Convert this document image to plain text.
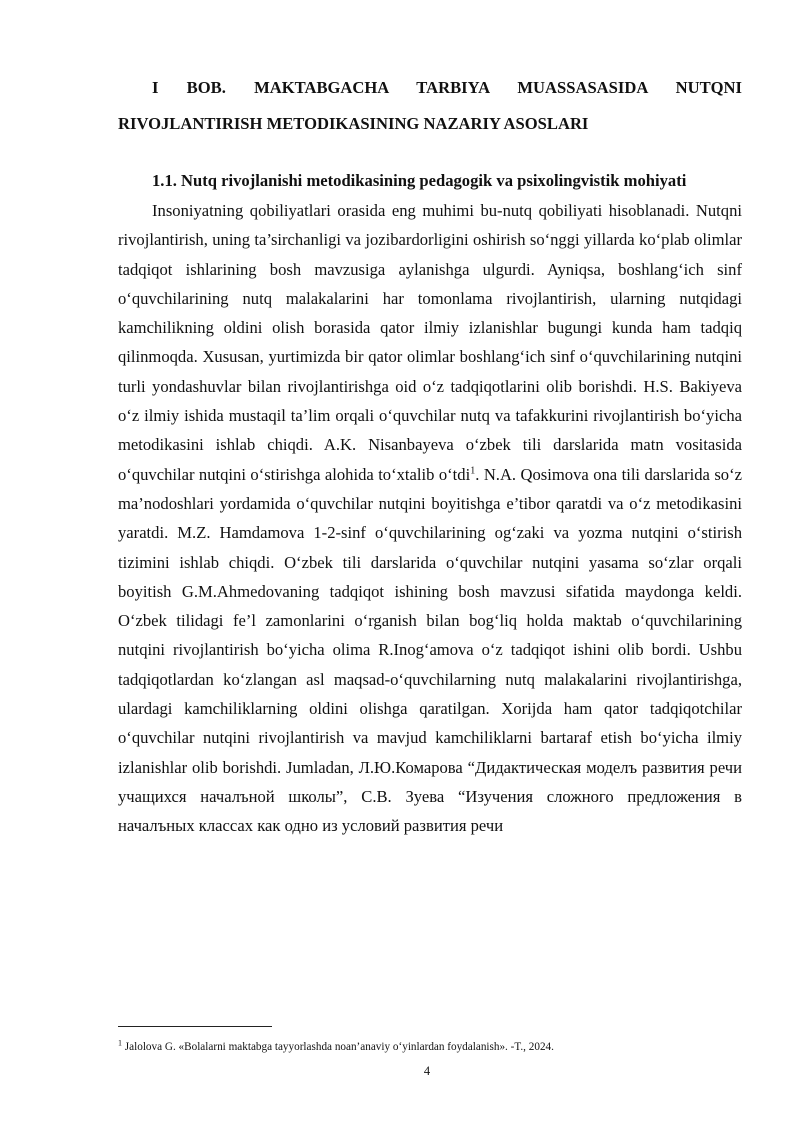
I BOB. MAKTABGACHA TARBIYA MUASSASASIDA NUTQNI RIVOJLANTIRISH METODIKASINING NAZARIY ASOSLARI

1.1. Nutq rivojlanishi metodikasining pedagogik va psixolingvistik mohiyati

Insoniyatning qobiliyatlari orasida eng muhimi bu-nutq qobiliyati hisoblanadi. Nutqni rivojlantirish, uning ta’sirchanligi va jozibardorligini oshirish so‘nggi yillarda ko‘plab olimlar tadqiqot ishlarining bosh mavzusiga aylanishga ulgurdi. Ayniqsa, boshlang‘ich sinf o‘quvchilarining nutq malakalarini har tomonlama rivojlantirish, ularning nutqidagi kamchilikning oldini olish borasida qator ilmiy izlanishlar bugungi kunda ham tadqiq qilinmoqda. Xususan, yurtimizda bir qator olimlar boshlang‘ich sinf o‘quvchilarining nutqini turli yondashuvlar bilan rivojlantirishga oid o‘z tadqiqotlarini olib borishdi. H.S. Bakiyeva o‘z ilmiy ishida mustaqil ta’lim orqali o‘quvchilar nutq va tafakkurini rivojlantirish bo‘yicha metodikasini ishlab chiqdi. A.K. Nisanbayeva o‘zbek tili darslarida matn vositasida o‘quvchilar nutqini o‘stirishga alohida to‘xtalib o‘tdi$^1$. N.A. Qosimova ona tili darslarida so‘z ma’nodoshlari yordamida o‘quvchilar nutqini boyitishga e’tibor qaratdi va o‘z metodikasini yaratdi. M.Z. Hamdamova 1-2-sinf o‘quvchilarining og‘zaki va yozma nutqini o‘stirish tizimini ishlab chiqdi. O‘zbek tili darslarida o‘quvchilar nutqini yasama so‘zlar orqali boyitish G.M.Ahmedovaning tadqiqot ishining bosh mavzusi sifatida maydonga keldi. O‘zbek tilidagi fe’l zamonlarini o‘rganish bilan bog‘liq holda maktab o‘quvchilarining nutqini rivojlantirish bo‘yicha olima R.Inog‘amova o‘z tadqiqot ishini olib bordi. Ushbu tadqiqotlardan ko‘zlangan asl maqsad-o‘quvchilarning nutq malakalarini rivojlantirishga, ulardagi kamchiliklarning oldini olishga qaratilgan. Xorijda ham qator tadqiqotchilar o‘quvchilar nutqini rivojlantirish va mavjud kamchiliklarni bartaraf etish bo‘yicha ilmiy izlanishlar olib borishdi. Jumladan, Л.Ю.Комарова “Дидактическая моделъ развития речи учащихся началъной школы”, С.В. Зуева “Изучения сложного предложения в началъных классах как одно из условий развития речи

$^1$ Jalolova G. «Bolalarni maktabga tayyorlashda noan’anaviy o‘yinlardan foydalanish». -T., 2024.

4
